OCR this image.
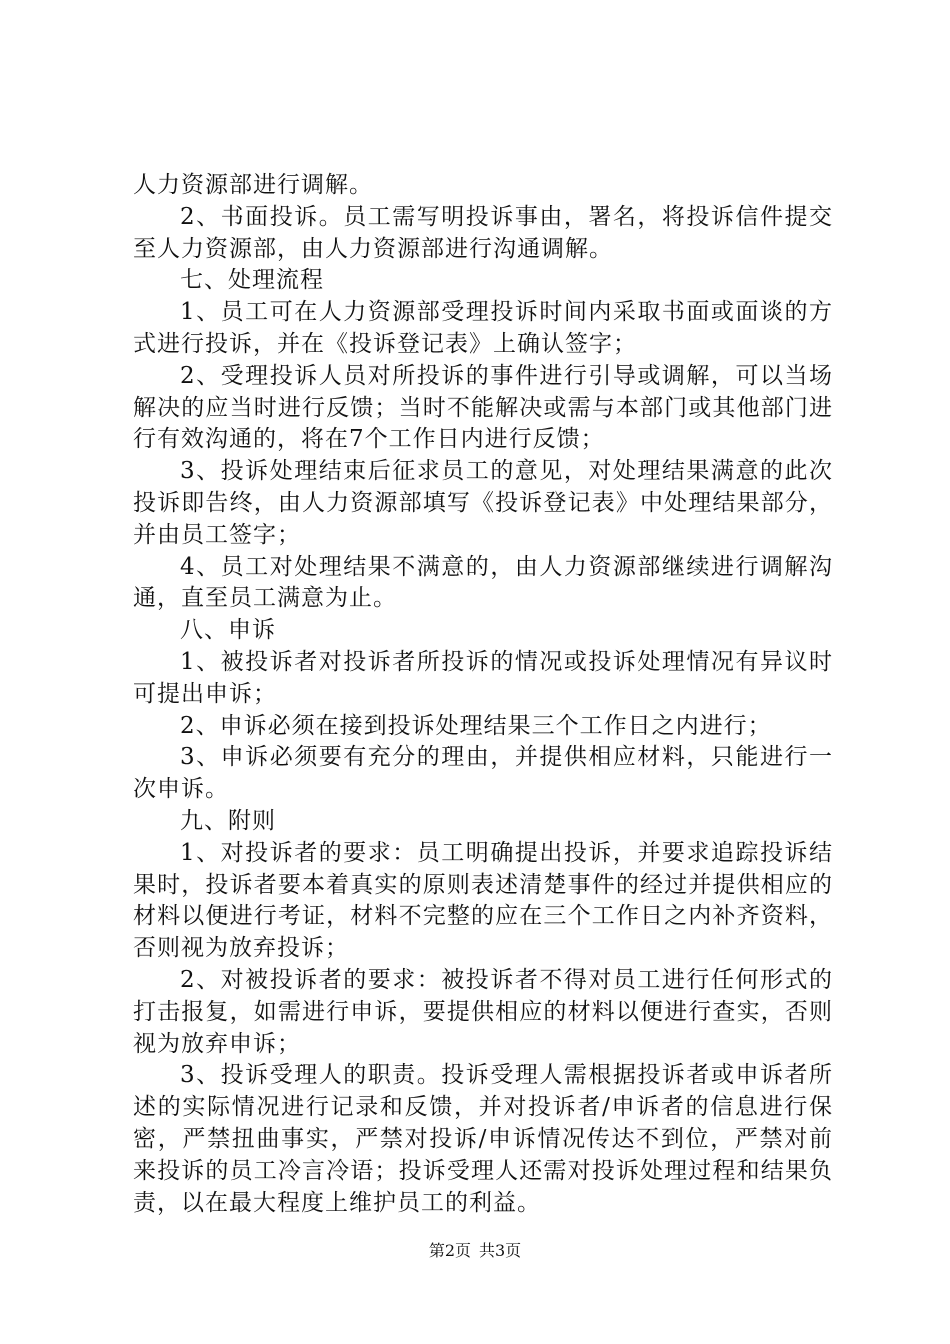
人力资源部进行调解。

2、书面投诉。员工需写明投诉事由，署名，将投诉信件提交至人力资源部，由人力资源部进行沟通调解。

七、处理流程

1、员工可在人力资源部受理投诉时间内采取书面或面谈的方式进行投诉，并在《投诉登记表》上确认签字；

2、受理投诉人员对所投诉的事件进行引导或调解，可以当场解决的应当时进行反馈；当时不能解决或需与本部门或其他部门进行有效沟通的，将在7个工作日内进行反馈；

3、投诉处理结束后征求员工的意见，对处理结果满意的此次投诉即告终，由人力资源部填写《投诉登记表》中处理结果部分，并由员工签字；

4、员工对处理结果不满意的，由人力资源部继续进行调解沟通，直至员工满意为止。

八、申诉

1、被投诉者对投诉者所投诉的情况或投诉处理情况有异议时可提出申诉；

2、申诉必须在接到投诉处理结果三个工作日之内进行；

3、申诉必须要有充分的理由，并提供相应材料，只能进行一次申诉。

九、附则

1、对投诉者的要求：员工明确提出投诉，并要求追踪投诉结果时，投诉者要本着真实的原则表述清楚事件的经过并提供相应的材料以便进行考证，材料不完整的应在三个工作日之内补齐资料，否则视为放弃投诉；

2、对被投诉者的要求：被投诉者不得对员工进行任何形式的打击报复，如需进行申诉，要提供相应的材料以便进行查实，否则视为放弃申诉；

3、投诉受理人的职责。投诉受理人需根据投诉者或申诉者所述的实际情况进行记录和反馈，并对投诉者/申诉者的信息进行保密，严禁扭曲事实，严禁对投诉/申诉情况传达不到位，严禁对前来投诉的员工冷言冷语；投诉受理人还需对投诉处理过程和结果负责，以在最大程度上维护员工的利益。

第2页 共3页
